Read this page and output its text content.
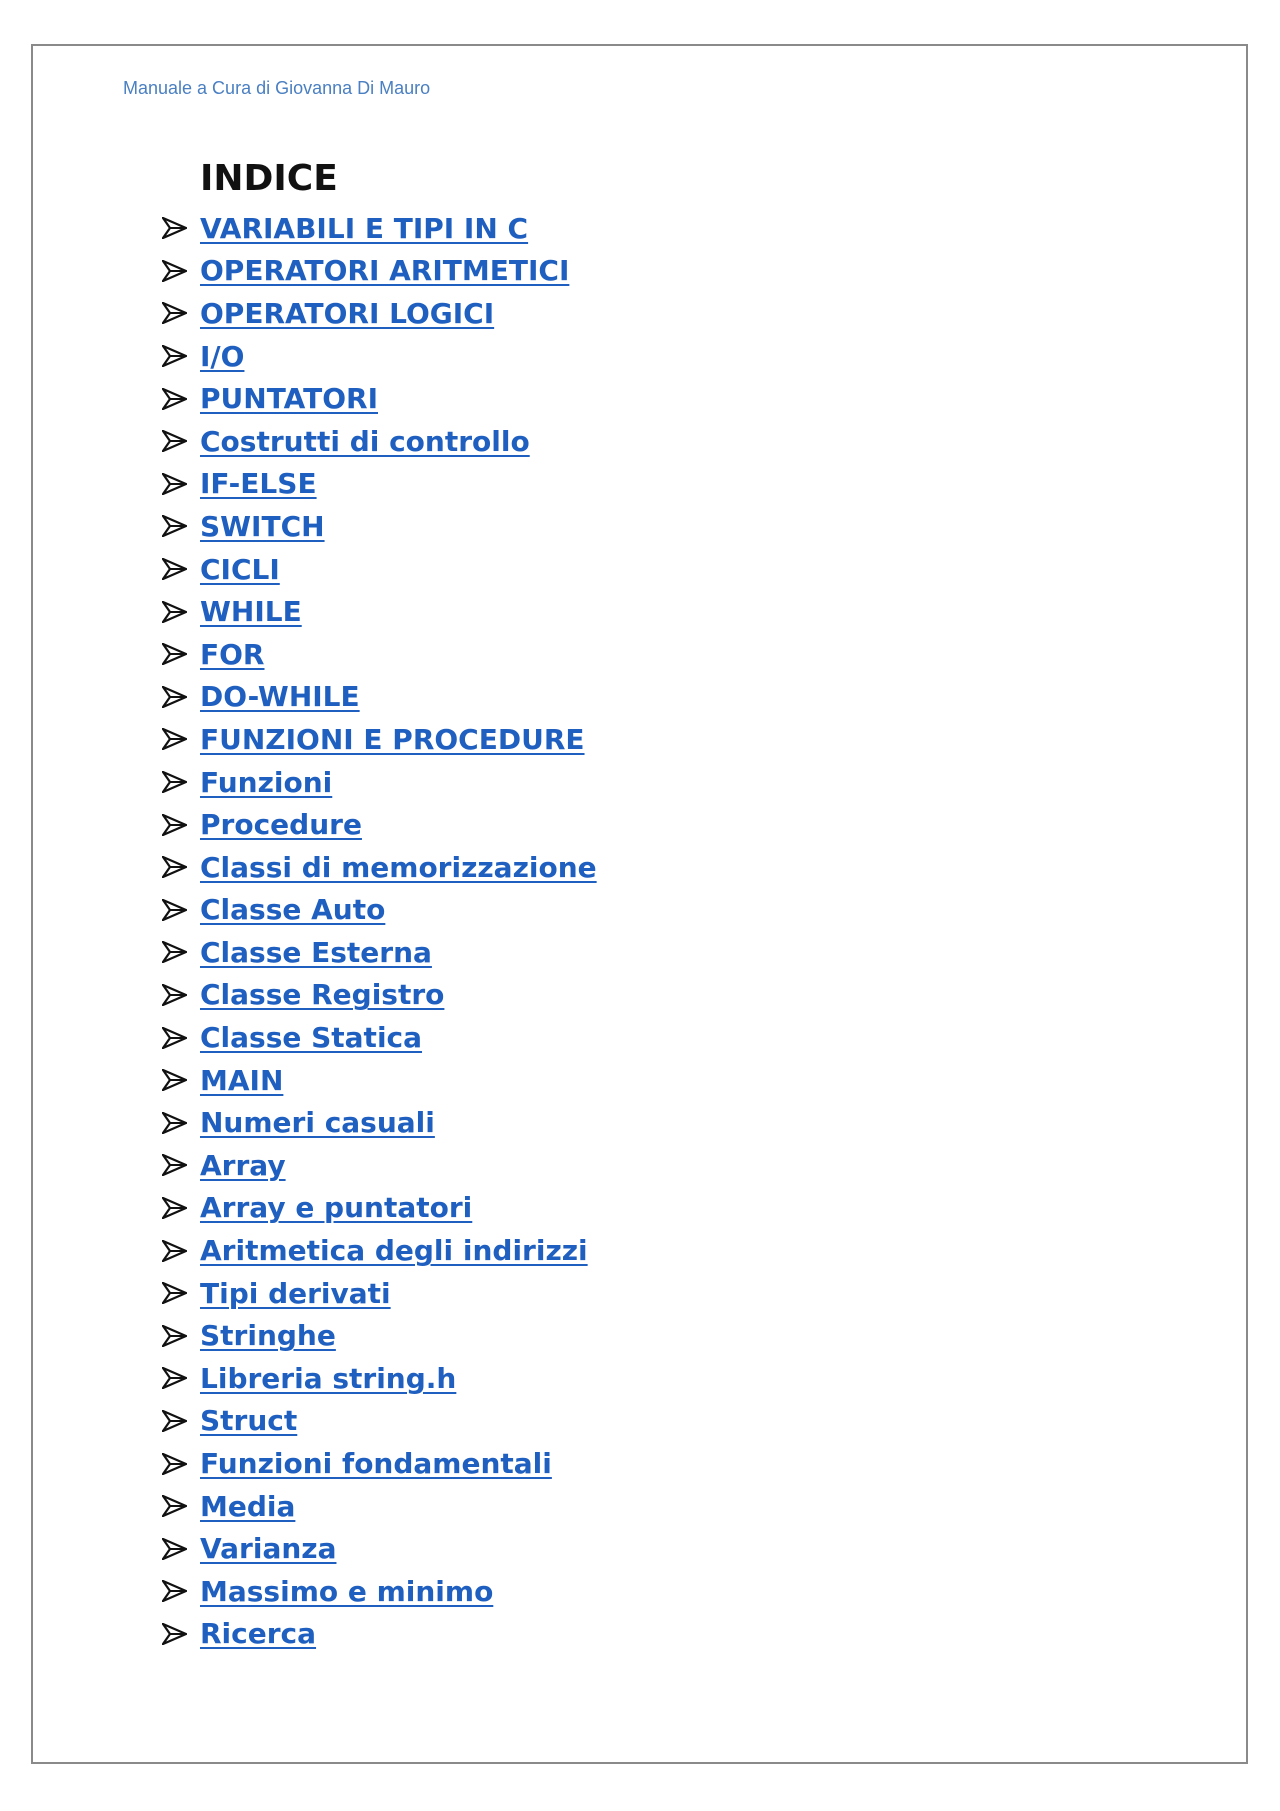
Manuale a Cura di Giovanna Di Mauro
INDICE
VARIABILI E TIPI IN C
OPERATORI ARITMETICI
OPERATORI LOGICI
I/O
PUNTATORI
Costrutti di controllo
IF-ELSE
SWITCH
CICLI
WHILE
FOR
DO-WHILE
FUNZIONI E PROCEDURE
Funzioni
Procedure
Classi di memorizzazione
Classe Auto
Classe Esterna
Classe Registro
Classe Statica
MAIN
Numeri casuali
Array
Array e puntatori
Aritmetica degli indirizzi
Tipi derivati
Stringhe
Libreria string.h
Struct
Funzioni fondamentali
Media
Varianza
Massimo e minimo
Ricerca
